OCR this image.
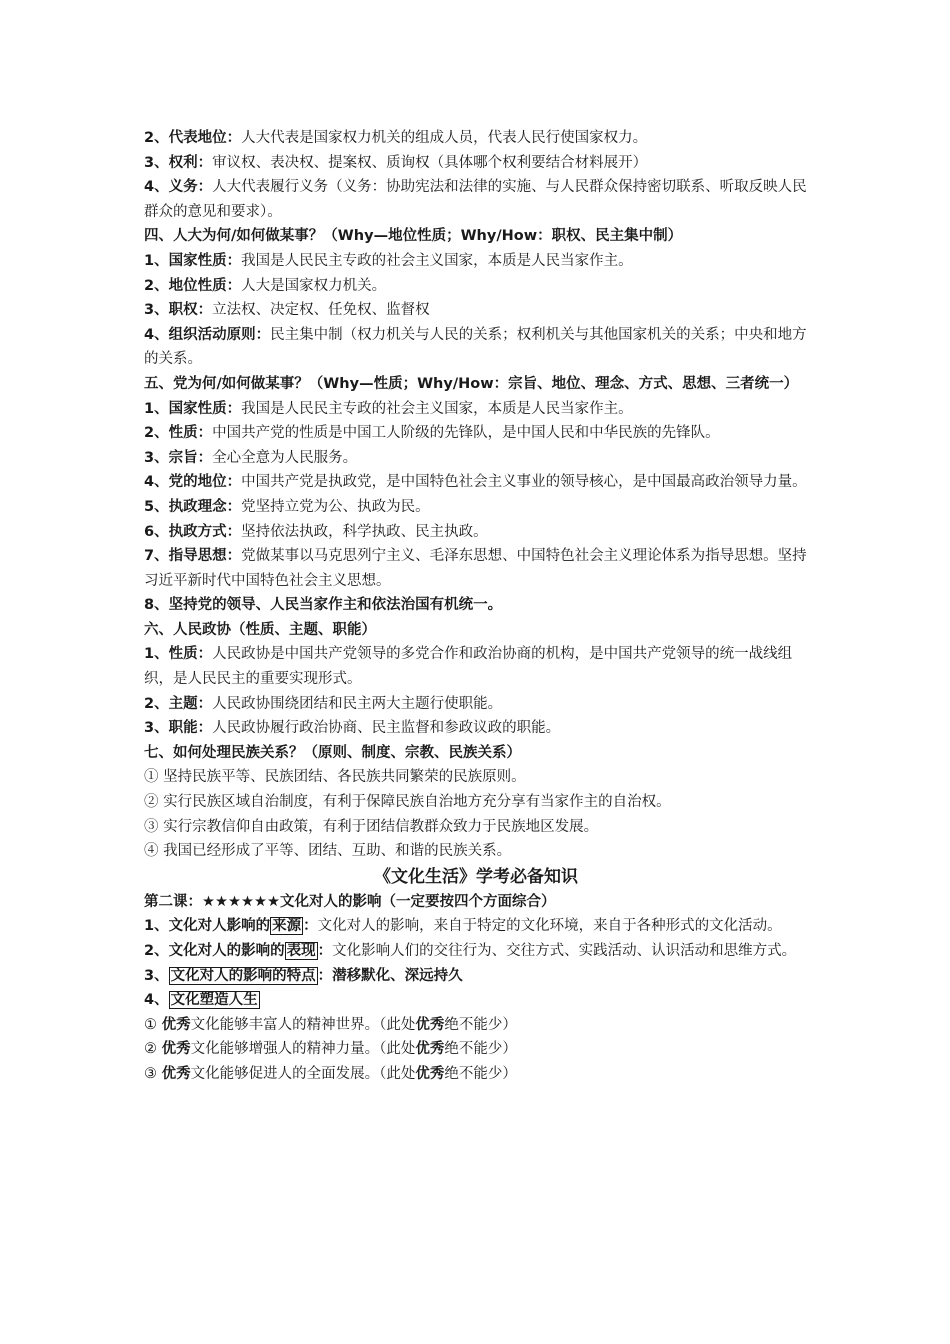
2、代表地位：人大代表是国家权力机关的组成人员，代表人民行使国家权力。
3、权利：审议权、表决权、提案权、质询权（具体哪个权利要结合材料展开）
4、义务：人大代表履行义务（义务：协助宪法和法律的实施、与人民群众保持密切联系、听取反映人民群众的意见和要求）。
四、人大为何/如何做某事？（Why—地位性质；Why/How：职权、民主集中制）
1、国家性质：我国是人民民主专政的社会主义国家，本质是人民当家作主。
2、地位性质：人大是国家权力机关。
3、职权：立法权、决定权、任免权、监督权
4、组织活动原则：民主集中制（权力机关与人民的关系；权利机关与其他国家机关的关系；中央和地方的关系。
五、党为何/如何做某事？（Why—性质；Why/How：宗旨、地位、理念、方式、思想、三者统一）
1、国家性质：我国是人民民主专政的社会主义国家，本质是人民当家作主。
2、性质：中国共产党的性质是中国工人阶级的先锋队，是中国人民和中华民族的先锋队。
3、宗旨：全心全意为人民服务。
4、党的地位：中国共产党是执政党，是中国特色社会主义事业的领导核心，是中国最高政治领导力量。
5、执政理念：党坚持立党为公、执政为民。
6、执政方式：坚持依法执政，科学执政、民主执政。
7、指导思想：党做某事以马克思列宁主义、毛泽东思想、中国特色社会主义理论体系为指导思想。坚持习近平新时代中国特色社会主义思想。
8、坚持党的领导、人民当家作主和依法治国有机统一。
六、人民政协（性质、主题、职能）
1、性质：人民政协是中国共产党领导的多党合作和政治协商的机构，是中国共产党领导的统一战线组织，是人民民主的重要实现形式。
2、主题：人民政协围绕团结和民主两大主题行使职能。
3、职能：人民政协履行政治协商、民主监督和参政议政的职能。
七、如何处理民族关系？（原则、制度、宗教、民族关系）
① 坚持民族平等、民族团结、各民族共同繁荣的民族原则。
② 实行民族区域自治制度，有利于保障民族自治地方充分享有当家作主的自治权。
③ 实行宗教信仰自由政策，有利于团结信教群众致力于民族地区发展。
④ 我国已经形成了平等、团结、互助、和谐的民族关系。
《文化生活》学考必备知识
第二课：★★★★★★文化对人的影响（一定要按四个方面综合）
1、文化对人影响的 来源 ：文化对人的影响，来自于特定的文化环境，来自于各种形式的文化活动。
2、文化对人的影响的 表现 ：文化影响人们的交往行为、交往方式、实践活动、认识活动和思维方式。
3、 文化对人的影响的特点 ：潜移默化、深远持久
4、 文化塑造人生
① 优秀文化能够丰富人的精神世界。（此处优秀绝不能少）
② 优秀文化能够增强人的精神力量。（此处优秀绝不能少）
③ 优秀文化能够促进人的全面发展。（此处优秀绝不能少）
